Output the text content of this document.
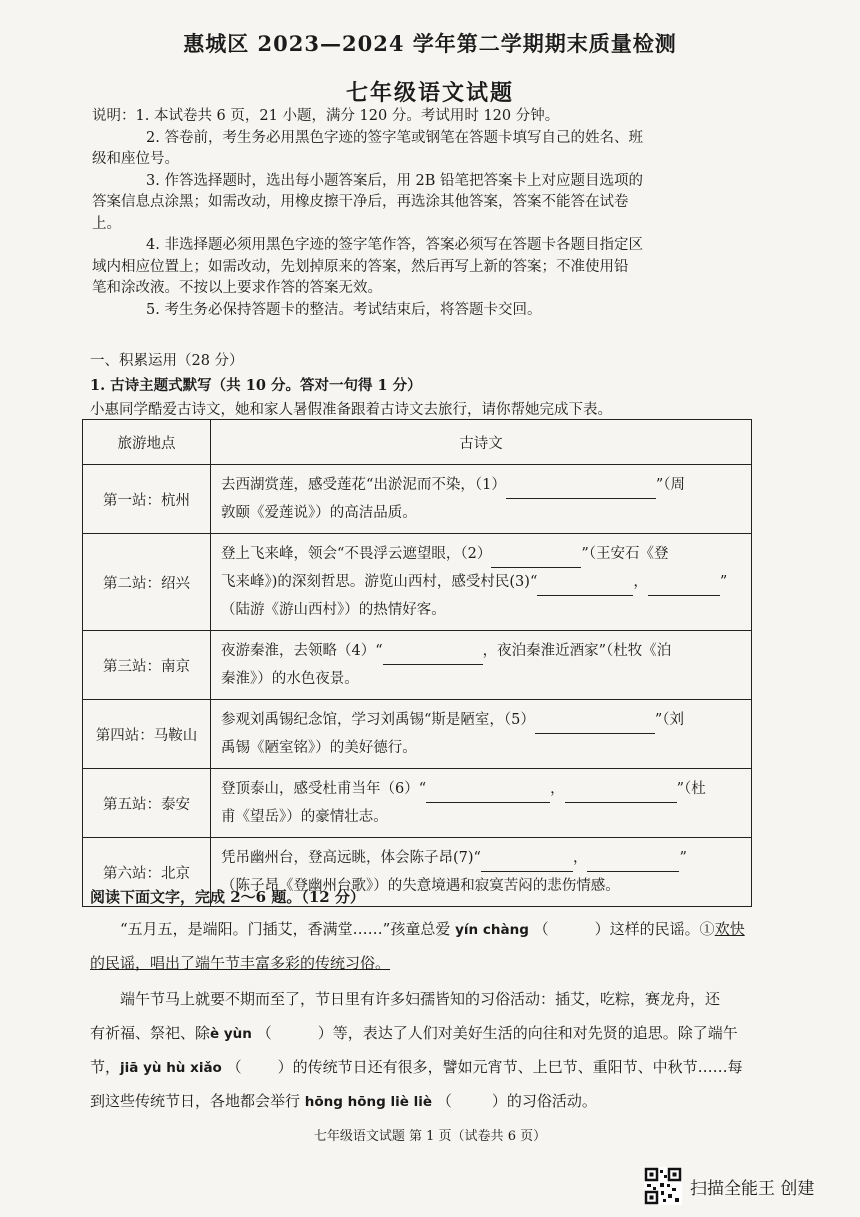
惠城区 2023—2024 学年第二学期期末质量检测
七年级语文试题

说明：1. 本试卷共 6 页，21 小题，满分 120 分。考试用时 120 分钟。

2. 答卷前，考生务必用黑色字迹的签字笔或钢笔在答题卡填写自己的姓名、班

级和座位号。

3. 作答选择题时，选出每小题答案后，用 2B 铅笔把答案卡上对应题目选项的

答案信息点涂黑；如需改动，用橡皮擦干净后，再选涂其他答案，答案不能答在试卷

上。

4. 非选择题必须用黑色字迹的签字笔作答，答案必须写在答题卡各题目指定区

域内相应位置上；如需改动，先划掉原来的答案，然后再写上新的答案；不准使用铅

笔和涂改液。不按以上要求作答的答案无效。

5. 考生务必保持答题卡的整洁。考试结束后，将答题卡交回。

一、积累运用（28 分）
1. 古诗主题式默写（共 10 分。答对一句得 1 分）
小惠同学酷爱古诗文，她和家人暑假准备跟着古诗文去旅行，请你帮她完成下表。
旅游地点	古诗文
第一站：杭州	去西湖赏莲，感受莲花“出淤泥而不染，（1） ”（周
敦颐《爱莲说》）的高洁品质。
第二站：绍兴	登上飞来峰，领会“不畏浮云遮望眼，（2） ”（王安石《登
飞来峰》)的深刻哲思。游览山西村，感受村民(3)“ ， ”
（陆游《游山西村》）的热情好客。
第三站：南京	夜游秦淮，去领略（4）“ ，夜泊秦淮近酒家”（杜牧《泊
秦淮》）的水色夜景。
第四站：马鞍山	参观刘禹锡纪念馆，学习刘禹锡“斯是陋室，（5） ”（刘
禹锡《陋室铭》）的美好德行。
第五站：泰安	登顶泰山，感受杜甫当年（6）“ ， ”（杜
甫《望岳》）的豪情壮志。
第六站：北京	凭吊幽州台，登高远眺，体会陈子昂(7)“ ， ”
（陈子昂《登幽州台歌》）的失意境遇和寂寞苦闷的悲伤情感。
阅读下面文字，完成 2～6 题。（12 分）
“五月五，是端阳。门插艾，香满堂……”孩童总爱 yín chàng （	）这样的民谣。①欢快
的民谣，唱出了端午节丰富多彩的传统习俗。
端午节马上就要不期而至了，节日里有许多妇孺皆知的习俗活动：插艾，吃粽，赛龙舟，还
有祈福、祭祀、除è yùn （	）等，表达了人们对美好生活的向往和对先贤的追思。除了端午
节，jiā yù hù xiǎo （ ）的传统节日还有很多，譬如元宵节、上巳节、重阳节、中秋节……每
到这些传统节日，各地都会举行 hōng hōng liè liè （	）的习俗活动。
七年级语文试题 第 1 页（试卷共 6 页）
扫描全能王 创建
